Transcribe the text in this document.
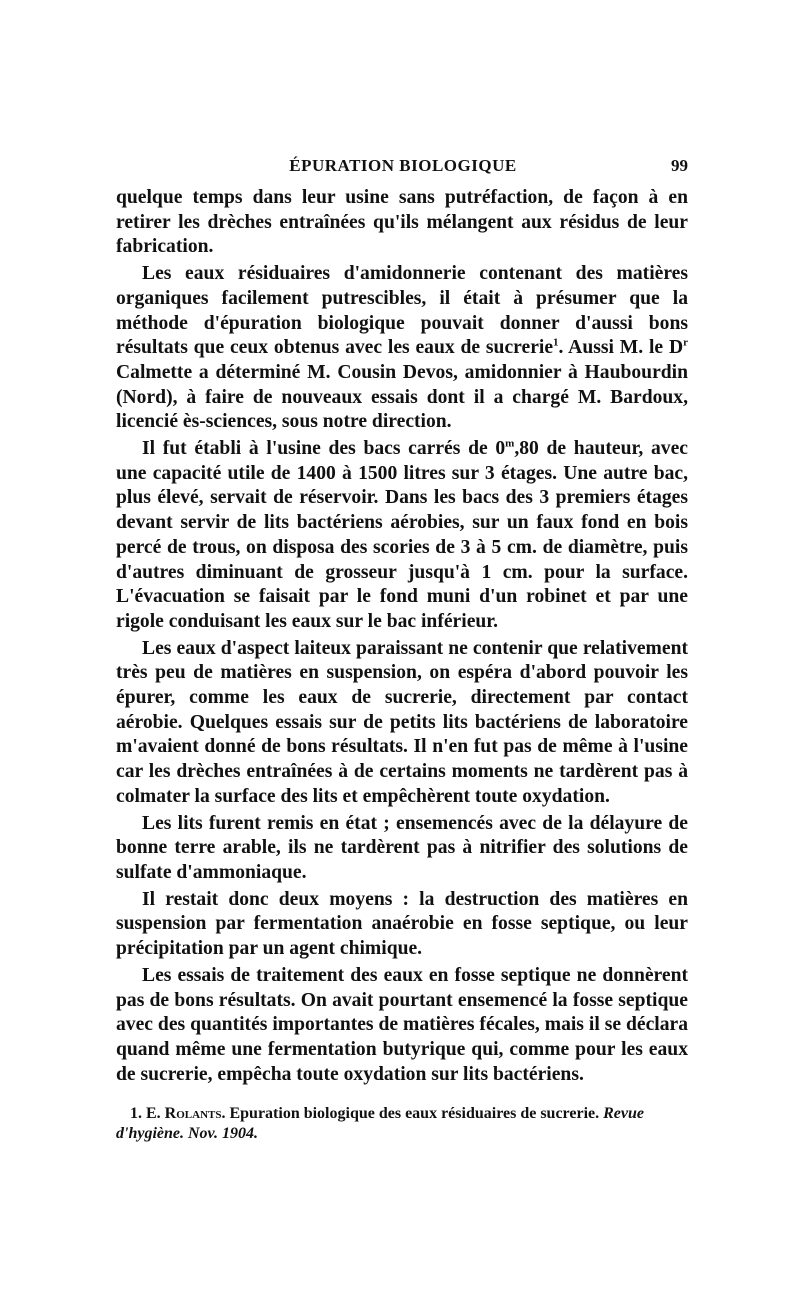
ÉPURATION BIOLOGIQUE	99

quelque temps dans leur usine sans putréfaction, de façon à en retirer les drèches entraînées qu'ils mélangent aux résidus de leur fabrication.

Les eaux résiduaires d'amidonnerie contenant des matières organiques facilement putrescibles, il était à présumer que la méthode d'épuration biologique pouvait donner d'aussi bons résultats que ceux obtenus avec les eaux de sucrerie$^1$. Aussi M. le $D^r$ Calmette a déterminé M. Cousin Devos, amidonnier à Haubourdin (Nord), à faire de nouveaux essais dont il a chargé M. Bardoux, licencié ès-sciences, sous notre direction.

Il fut établi à l'usine des bacs carrés de 0$^m$,80 de hauteur, avec une capacité utile de 1400 à 1500 litres sur 3 étages. Une autre bac, plus élevé, servait de réservoir. Dans les bacs des 3 premiers étages devant servir de lits bactériens aérobies, sur un faux fond en bois percé de trous, on disposa des scories de 3 à 5 cm. de diamètre, puis d'autres diminuant de grosseur jusqu'à 1 cm. pour la surface. L'évacuation se faisait par le fond muni d'un robinet et par une rigole conduisant les eaux sur le bac inférieur.

Les eaux d'aspect laiteux paraissant ne contenir que relativement très peu de matières en suspension, on espéra d'abord pouvoir les épurer, comme les eaux de sucrerie, directement par contact aérobie. Quelques essais sur de petits lits bactériens de laboratoire m'avaient donné de bons résultats. Il n'en fut pas de même à l'usine car les drèches entraînées à de certains moments ne tardèrent pas à colmater la surface des lits et empêchèrent toute oxydation.

Les lits furent remis en état ; ensemencés avec de la délayure de bonne terre arable, ils ne tardèrent pas à nitrifier des solutions de sulfate d'ammoniaque.

Il restait donc deux moyens : la destruction des matières en suspension par fermentation anaérobie en fosse septique, ou leur précipitation par un agent chimique.

Les essais de traitement des eaux en fosse septique ne donnèrent pas de bons résultats. On avait pourtant ensemencé la fosse septique avec des quantités importantes de matières fécales, mais il se déclara quand même une fermentation butyrique qui, comme pour les eaux de sucrerie, empêcha toute oxydation sur lits bactériens.

1. E. Rolants. Epuration biologique des eaux résiduaires de sucrerie. Revue d'hygiène. Nov. 1904.
